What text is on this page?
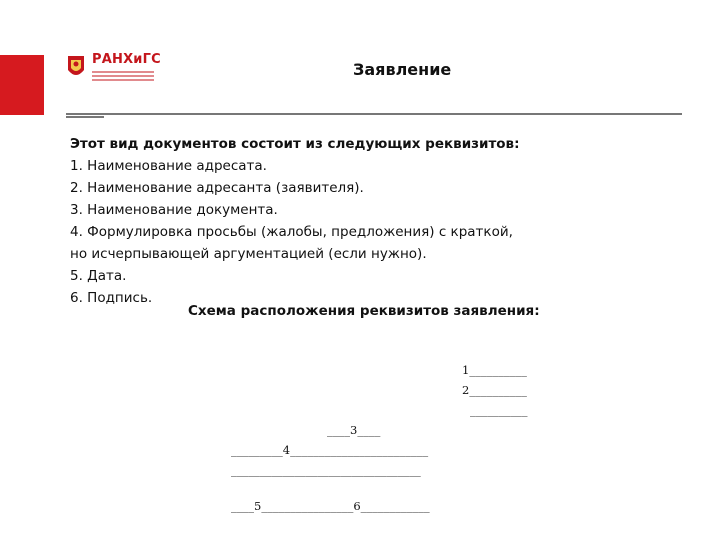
РАНХиГС
Заявление
Этот вид документов состоит из следующих реквизитов:
1. Наименование адресата.
2. Наименование адресанта (заявителя).
3. Наименование документа.
4. Формулировка просьбы (жалобы, предложения) с краткой,
но исчерпывающей аргументацией (если нужно).
5. Дата.
6. Подпись.
Схема расположения реквизитов заявления:
1__________
2__________
__________
____3____
_________4________________________
_________________________________
____5________________6____________
